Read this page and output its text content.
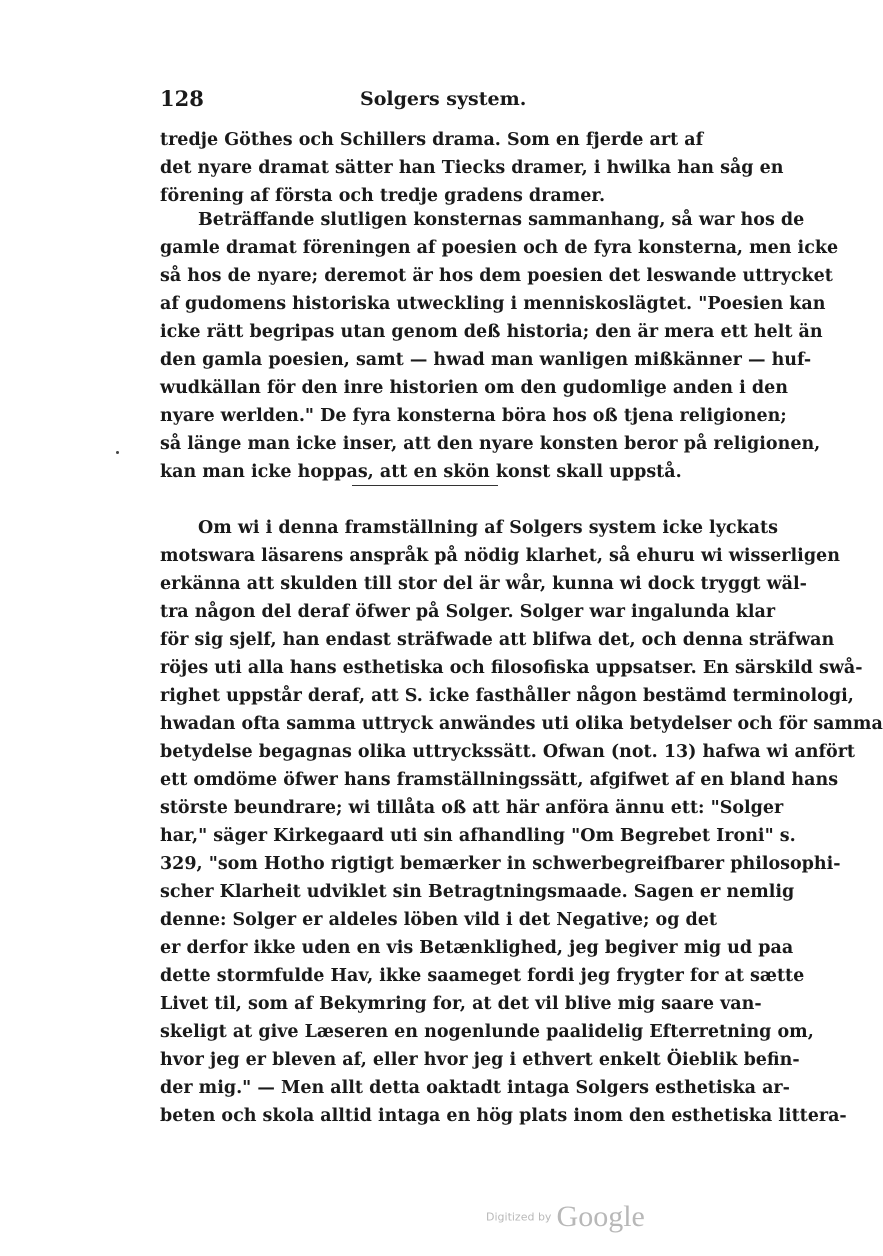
128	Solgers system.
tredje Göthes och Schillers drama. Som en fjerde art af
det nyare dramat sätter han Tiecks dramer, i hwilka han såg en
förening af första och tredje gradens dramer.
Beträffande slutligen konsternas sammanhang, så war hos de
gamle dramat föreningen af poesien och de fyra konsterna, men icke
så hos de nyare; deremot är hos dem poesien det leswande uttrycket
af gudomens historiska utweckling i menniskoslägtet. "Poesien kan
icke rätt begripas utan genom deß historia; den är mera ett helt än
den gamla poesien, samt — hwad man wanligen mißkänner — huf-
wudkällan för den inre historien om den gudomlige anden i den
nyare werlden." De fyra konsterna böra hos oß tjena religionen;
så länge man icke inser, att den nyare konsten beror på religionen,
kan man icke hoppas, att en skön konst skall uppstå.
Om wi i denna framställning af Solgers system icke lyckats
motswara läsarens anspråk på nödig klarhet, så ehuru wi wisserligen
erkänna att skulden till stor del är wår, kunna wi dock tryggt wäl-
tra någon del deraf öfwer på Solger. Solger war ingalunda klar
för sig sjelf, han endast sträfwade att blifwa det, och denna sträfwan
röjes uti alla hans esthetiska och filosofiska uppsatser. En särskild swå-
righet uppstår deraf, att S. icke fasthåller någon bestämd terminologi,
hwadan ofta samma uttryck anwändes uti olika betydelser och för samma
betydelse begagnas olika uttryckssätt. Ofwan (not. 13) hafwa wi anfört
ett omdöme öfwer hans framställningssätt, afgifwet af en bland hans
störste beundrare; wi tillåta oß att här anföra ännu ett: "Solger
har," säger Kirkegaard uti sin afhandling "Om Begrebet Ironi" s.
329, "som Hotho rigtigt bemærker in schwerbegreifbarer philosophi-
scher Klarheit udviklet sin Betragtningsmaade. Sagen er nemlig
denne: Solger er aldeles löben vild i det Negative; og det
er derfor ikke uden en vis Betænklighed, jeg begiver mig ud paa
dette stormfulde Hav, ikke saameget fordi jeg frygter for at sætte
Livet til, som af Bekymring for, at det vil blive mig saare van-
skeligt at give Læseren en nogenlunde paalidelig Efterretning om,
hvor jeg er bleven af, eller hvor jeg i ethvert enkelt Öieblik befin-
der mig." — Men allt detta oaktadt intaga Solgers esthetiska ar-
beten och skola alltid intaga en hög plats inom den esthetiska littera-
Digitized by Google
